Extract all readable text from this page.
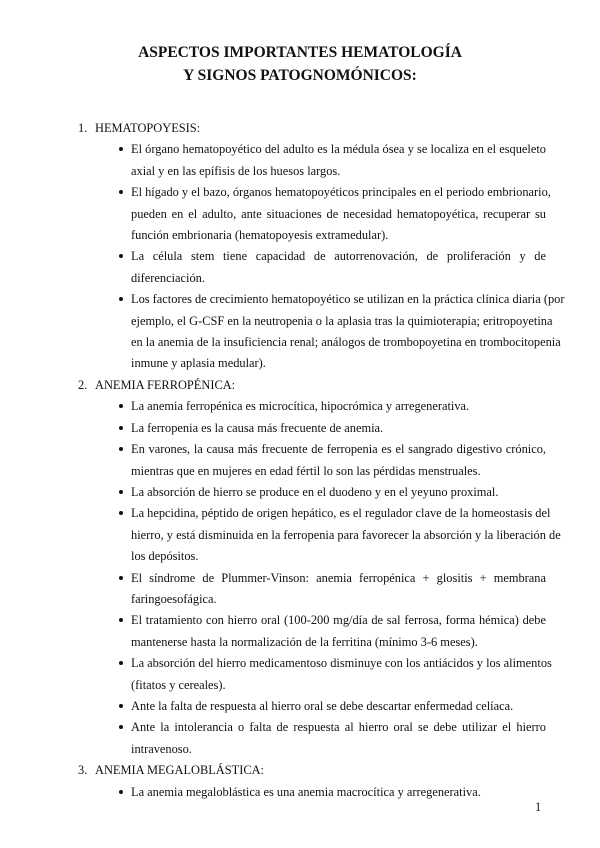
ASPECTOS IMPORTANTES HEMATOLOGÍA
Y SIGNOS PATOGNOMÓNICOS:
1. HEMATOPOYESIS:
El órgano hematopoyético del adulto es la médula ósea y se localiza en el esqueleto
axial y en las epífisis de los huesos largos.
El hígado y el bazo, órganos hematopoyéticos principales en el periodo embrionario,
pueden en el adulto, ante situaciones de necesidad hematopoyética, recuperar su
función embrionaria (hematopoyesis extramedular).
La célula stem tiene capacidad de autorrenovación, de proliferación y de
diferenciación.
Los factores de crecimiento hematopoyético se utilizan en la práctica clínica diaria (por
ejemplo, el G-CSF en la neutropenia o la aplasia tras la quimioterapia; eritropoyetina
en la anemia de la insuficiencia renal; análogos de trombopoyetina en trombocitopenia
inmune y aplasia medular).
2. ANEMIA FERROPÉNICA:
La anemia ferropénica es microcítica, hipocrómica y arregenerativa.
La ferropenia es la causa más frecuente de anemia.
En varones, la causa más frecuente de ferropenia es el sangrado digestivo crónico,
mientras que en mujeres en edad fértil lo son las pérdidas menstruales.
La absorción de hierro se produce en el duodeno y en el yeyuno proximal.
La hepcidina, péptido de origen hepático, es el regulador clave de la homeostasis del
hierro, y está disminuida en la ferropenia para favorecer la absorción y la liberación de
los depósitos.
El síndrome de Plummer-Vinson: anemia ferropénica + glositis + membrana
faringoesofágica.
El tratamiento con hierro oral (100-200 mg/día de sal ferrosa, forma hémica) debe
mantenerse hasta la normalización de la ferritina (mínimo 3-6 meses).
La absorción del hierro medicamentoso disminuye con los antiácidos y los alimentos
(fitatos y cereales).
Ante la falta de respuesta al hierro oral se debe descartar enfermedad celíaca.
Ante la intolerancia o falta de respuesta al hierro oral se debe utilizar el hierro
intravenoso.
3. ANEMIA MEGALOBLÁSTICA:
La anemia megaloblástica es una anemia macrocítica y arregenerativa.
1
